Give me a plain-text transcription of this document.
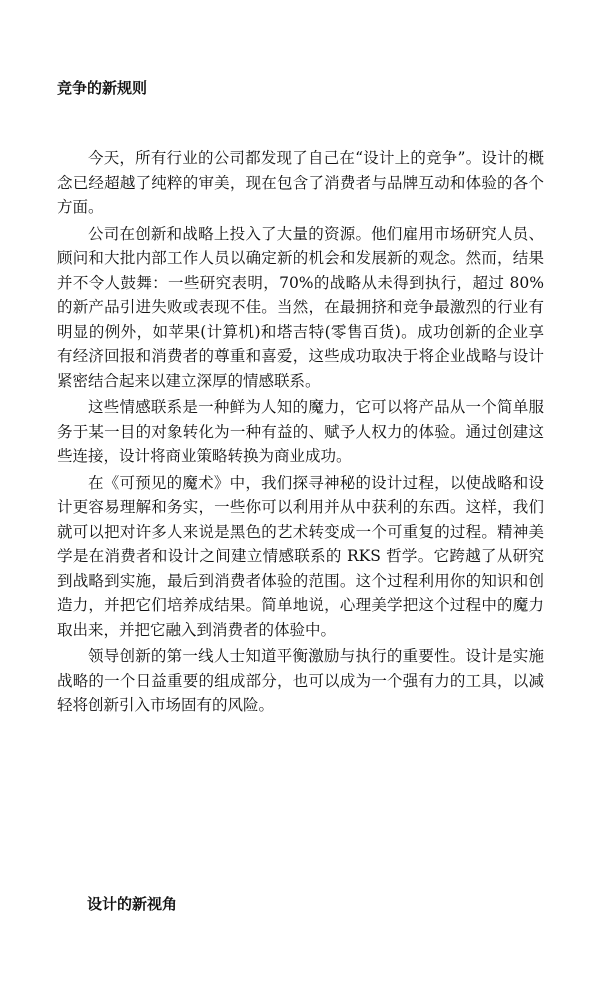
竞争的新规则

今天，所有行业的公司都发现了自己在“设计上的竞争”。设计的概念已经超越了纯粹的审美，现在包含了消费者与品牌互动和体验的各个方面。

公司在创新和战略上投入了大量的资源。他们雇用市场研究人员、顾问和大批内部工作人员以确定新的机会和发展新的观念。然而，结果并不令人鼓舞：一些研究表明，70%的战略从未得到执行，超过 80%的新产品引进失败或表现不佳。当然，在最拥挤和竞争最激烈的行业有明显的例外，如苹果(计算机)和塔吉特(零售百货)。成功创新的企业享有经济回报和消费者的尊重和喜爱，这些成功取决于将企业战略与设计紧密结合起来以建立深厚的情感联系。

这些情感联系是一种鲜为人知的魔力，它可以将产品从一个简单服务于某一目的对象转化为一种有益的、赋予人权力的体验。通过创建这些连接，设计将商业策略转换为商业成功。

在《可预见的魔术》中，我们探寻神秘的设计过程，以使战略和设计更容易理解和务实，一些你可以利用并从中获利的东西。这样，我们就可以把对许多人来说是黑色的艺术转变成一个可重复的过程。精神美学是在消费者和设计之间建立情感联系的 RKS 哲学。它跨越了从研究到战略到实施，最后到消费者体验的范围。这个过程利用你的知识和创造力，并把它们培养成结果。简单地说，心理美学把这个过程中的魔力取出来，并把它融入到消费者的体验中。

领导创新的第一线人士知道平衡激励与执行的重要性。设计是实施战略的一个日益重要的组成部分，也可以成为一个强有力的工具，以减轻将创新引入市场固有的风险。

设计的新视角
